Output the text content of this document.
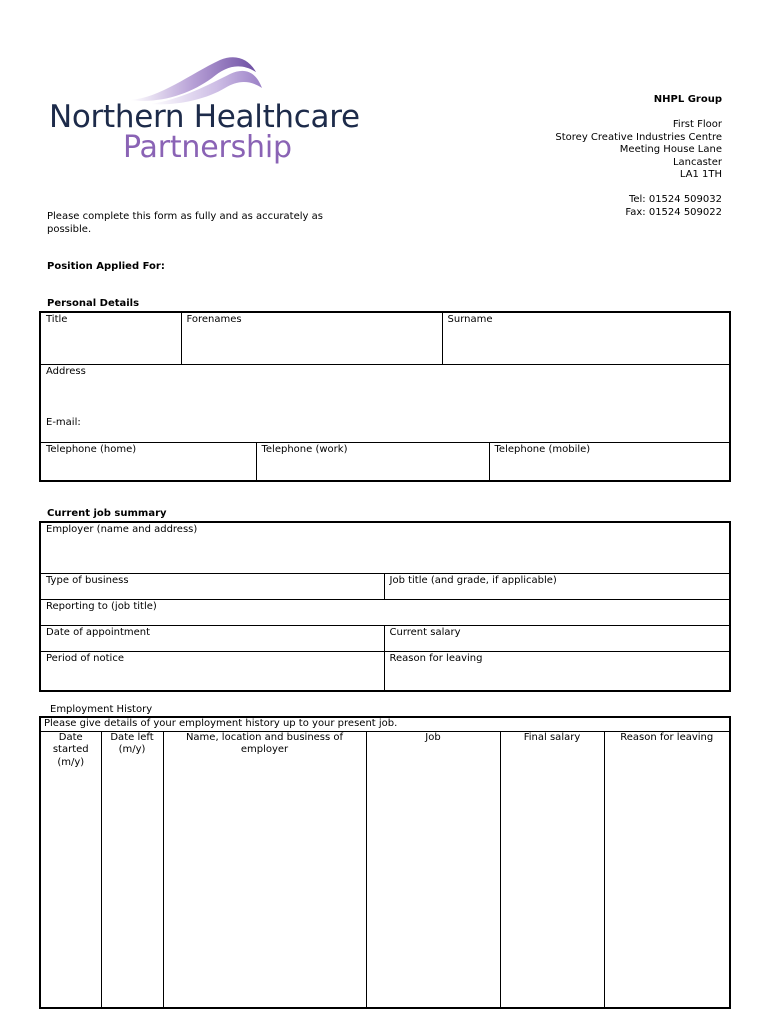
Northern Healthcare
Partnership
NHPL Group
First Floor
Storey Creative Industries Centre
Meeting House Lane
Lancaster
LA1 1TH
Tel: 01524 509032
Fax: 01524 509022
Please complete this form as fully and as accurately as possible.
Position Applied For:
Personal Details
Title	Forenames		Surname	
Address
E-mail:				

Telephone (home)		Telephone (work)		Telephone (mobile)
Current job summary
Employer (name and address)	
Type of business	Job title (and grade, if applicable)
Reporting to (job title)	
Date of appointment	Current salary
Period of notice	Reason for leaving
Employment History
Please give details of your employment history up to your present job.
Date started (m/y)	Date left (m/y)	Name, location and business of employer	Job	Final salary	Reason for leaving
